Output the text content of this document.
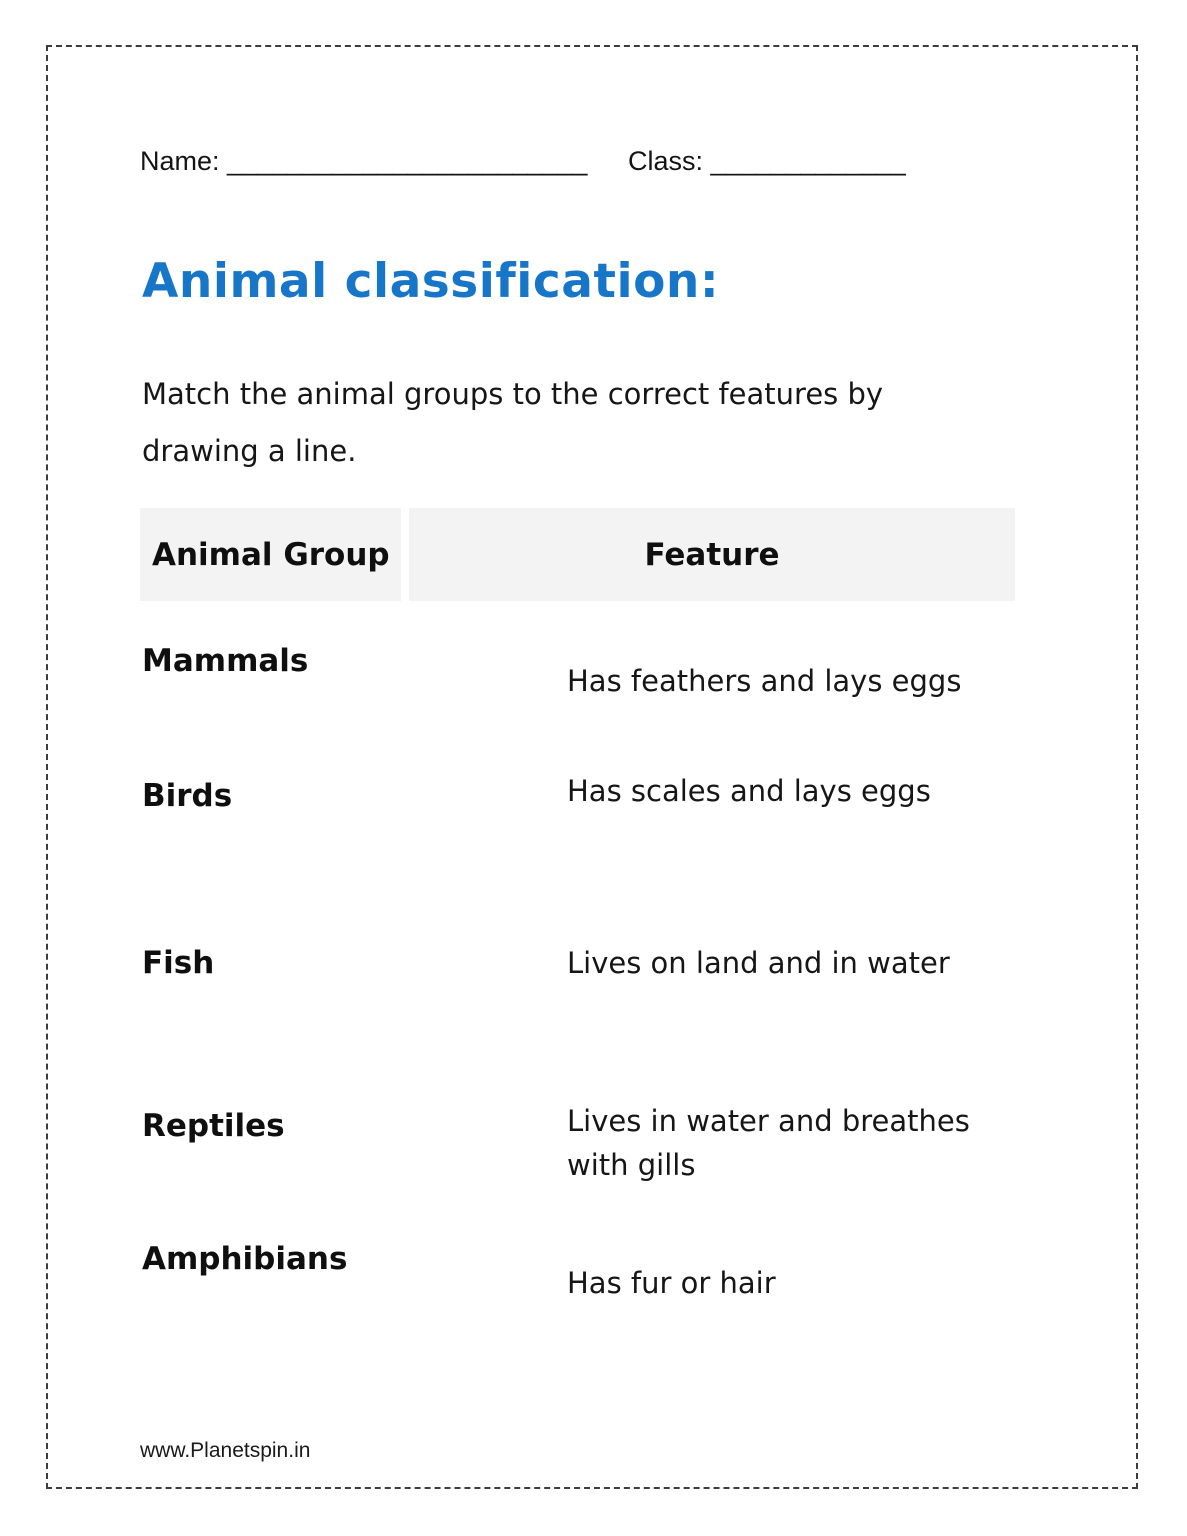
Name: ________________________ Class: _____________
Animal classification:
Match the animal groups to the correct features by drawing a line.
Animal Group	Feature
Mammals
Birds
Fish
Reptiles
Amphibians
Has feathers and lays eggs
Has scales and lays eggs
Lives on land and in water
Lives in water and breathes with gills
Has fur or hair
www.Planetspin.in
